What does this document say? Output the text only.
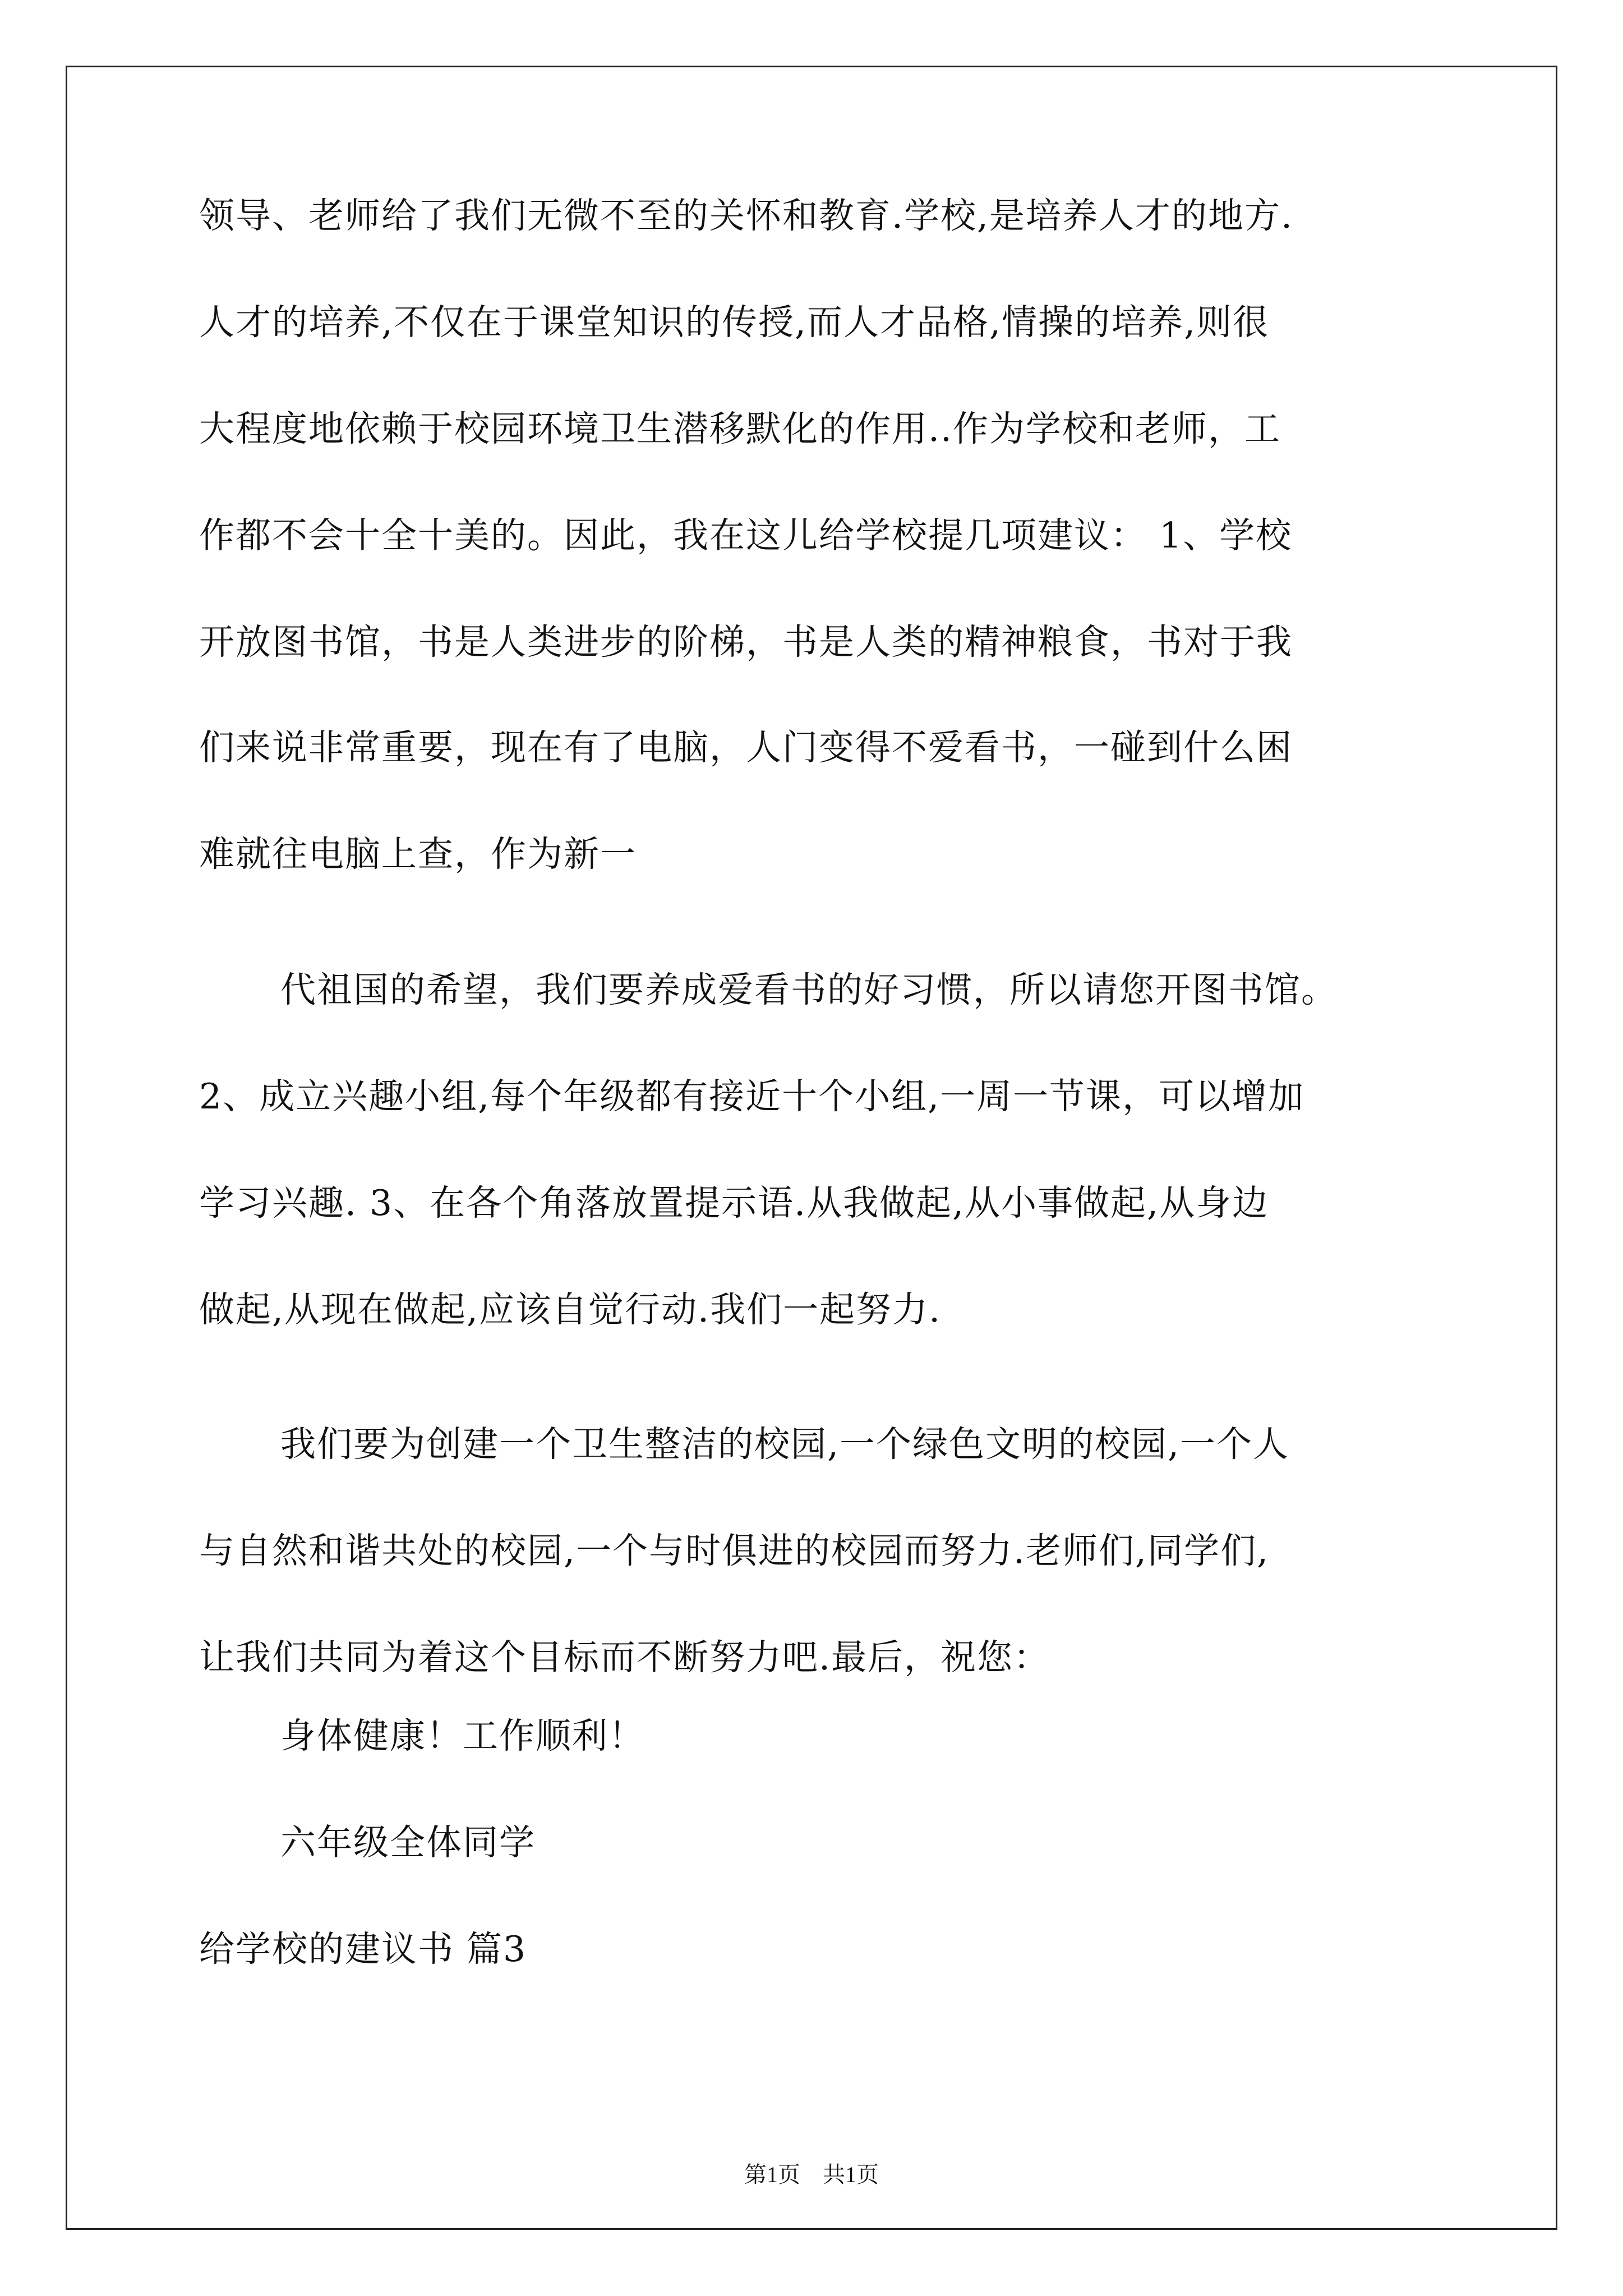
领导、老师给了我们无微不至的关怀和教育.学校,是培养人才的地方.
人才的培养,不仅在于课堂知识的传授,而人才品格,情操的培养,则很
大程度地依赖于校园环境卫生潜移默化的作用..作为学校和老师，工
作都不会十全十美的。因此，我在这儿给学校提几项建议： 1、学校
开放图书馆，书是人类进步的阶梯，书是人类的精神粮食，书对于我
们来说非常重要，现在有了电脑，人门变得不爱看书，一碰到什么困
难就往电脑上查，作为新一
代祖国的希望，我们要养成爱看书的好习惯，所以请您开图书馆。
2、成立兴趣小组,每个年级都有接近十个小组,一周一节课，可以增加
学习兴趣. 3、在各个角落放置提示语.从我做起,从小事做起,从身边
做起,从现在做起,应该自觉行动.我们一起努力.
我们要为创建一个卫生整洁的校园,一个绿色文明的校园,一个人
与自然和谐共处的校园,一个与时俱进的校园而努力.老师们,同学们,
让我们共同为着这个目标而不断努力吧.最后，祝您：
身体健康！工作顺利！
六年级全体同学
给学校的建议书 篇3
第1页　共1页
